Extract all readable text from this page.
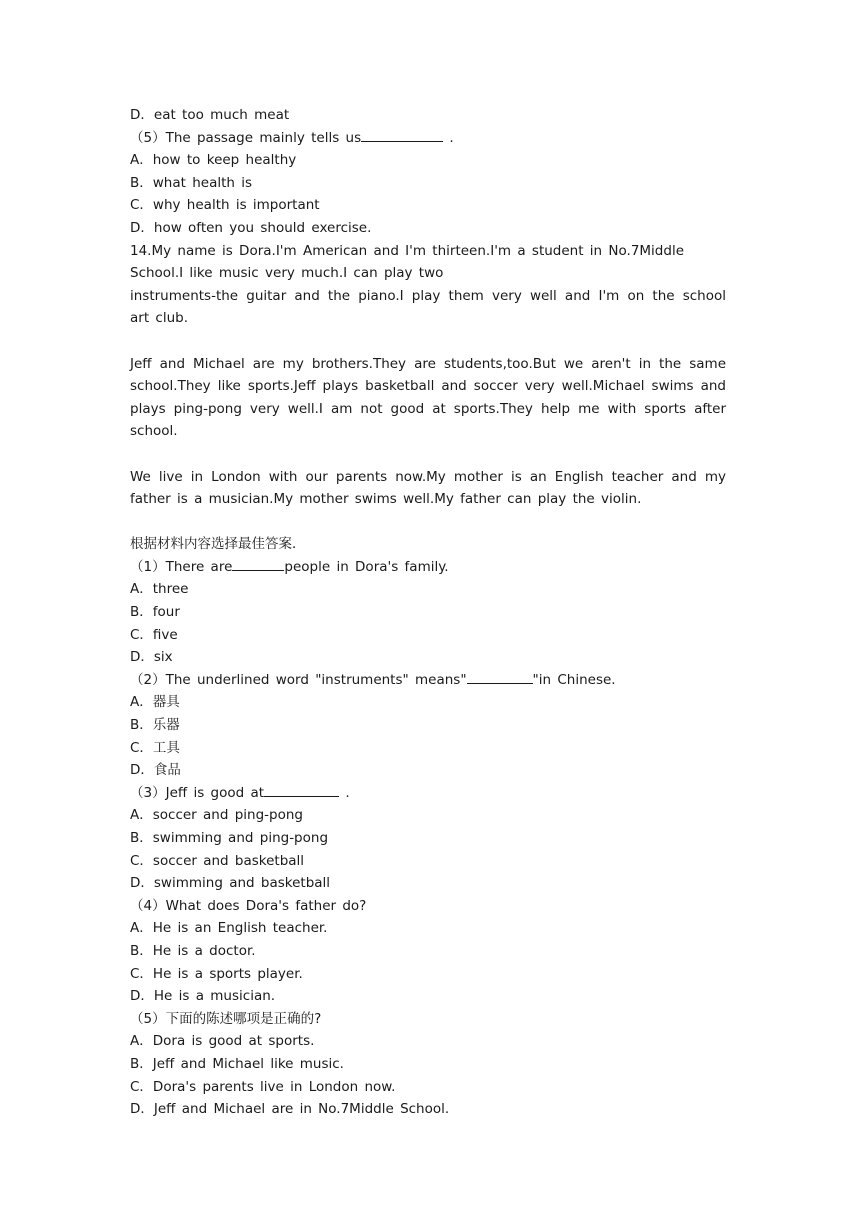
D．eat too much meat
（5）The passage mainly tells us	.
A．how to keep healthy
B．what health is
C．why health is important
D．how often you should exercise.
14.My name is Dora.I'm American and I'm thirteen.I'm a student in No.7Middle
School.I like music very much.I can play two
instruments-the guitar and the piano.I play them very well and I'm on the school art club.
Jeff and Michael are my brothers.They are students,too.But we aren't in the same school.They like sports.Jeff plays basketball and soccer very well.Michael swims and plays ping-pong very well.I am not good at sports.They help me with sports after school.
We live in London with our parents now.My mother is an English teacher and my father is a musician.My mother swims well.My father can play the violin.
根据材料内容选择最佳答案．
（1）There are	people in Dora's family.
A．three
B．four
C．five
D．six
（2）The underlined word "instruments" means"	"in Chinese.
A．器具
B．乐器
C．工具
D．食品
（3）Jeff is good at	.
A．soccer and ping-pong
B．swimming and ping-pong
C．soccer and basketball
D．swimming and basketball
（4）What does Dora's father do?
A．He is an English teacher.
B．He is a doctor.
C．He is a sports player.
D．He is a musician.
（5）下面的陈述哪项是正确的?
A．Dora is good at sports.
B．Jeff and Michael like music.
C．Dora's parents live in London now.
D．Jeff and Michael are in No.7Middle School.
